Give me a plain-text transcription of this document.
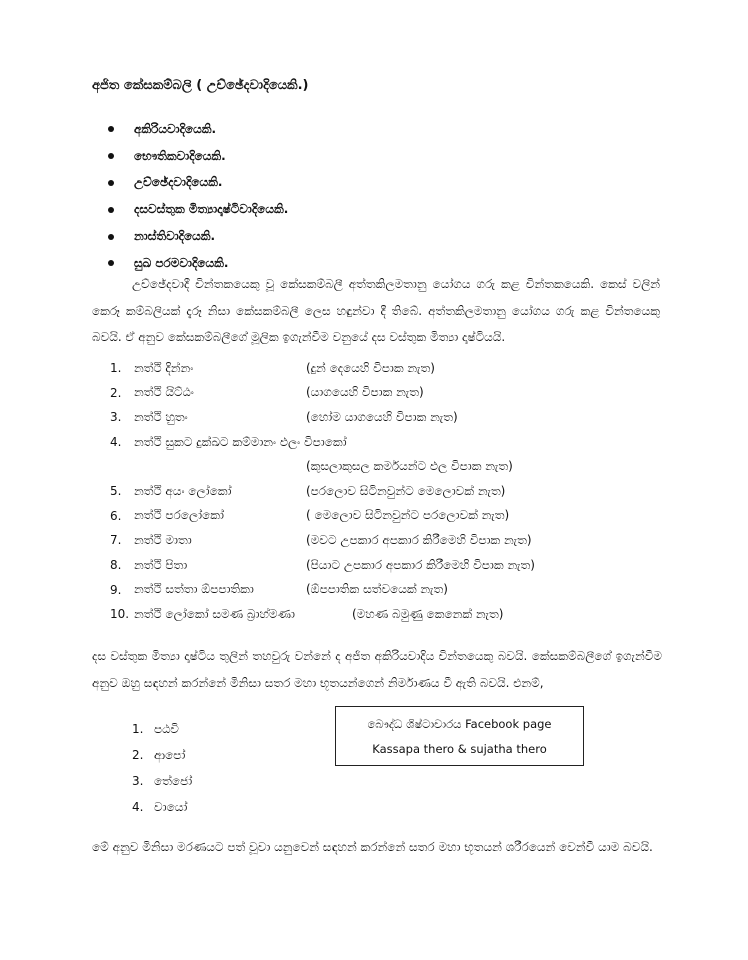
අජිත කේසකම්බලි ( උච්ඡේදවාදියෙකි.)
අකිරියවාදියෙකි.
භෞතිකවාදියෙකි.
උච්ඡේදවාදියෙකි.
දසවස්තුක මිත්‍යාදෘෂ්ටිවාදියෙකි.
නාස්තිවාදියෙකි.
සුඛ පරමවාදියෙකි.

උච්ඡේදවාදී චින්තකයෙකු වූ කේසකම්බලී අත්තකිලමතානු යෝගය ගරු කළ චින්තකයෙකි. කෙස් වලින් කෙරූ කම්බලියක් දැරූ නිසා කේසකම්බලී ලෙස හඳුන්වා දී තිබේ. අත්තකිලමතානු යෝගය ගරු කළ චින්තයෙකු බවයි. ඒ අනුව කේසකම්බලීගේ මූලික ඉගැන්වීම වනුයේ දස වස්තුක මිත්‍යා දෘෂ්ටියයි.

1.	නත්ථි දින්නං	(දුන් දෙයෙහි විපාක නැත)
2.	නත්ථි යිට්ඨං	(යාගයෙහි විපාක නැත)
3.	නත්ථි හුතං	(හෝම යාගයෙහි විපාක නැත)
4.	නත්ථි සුකට දුක්ඛට කම්මානං ඵලං විපාකෝ
(කුසලාකුසල කර්මයන්ට ඵල විපාක නැත)
5.	නත්ථි අයං ලෝකෝ	(පරලොව සිටිනවුන්ට මෙලොවක් නැත)
6.	නත්ථි පරලෝකෝ	( මෙලොව සිටිනවුන්ට පරලොවක් නැත)
7.	නත්ථි මාතා	(මවට උපකාර අපකාර කිරීමෙහි විපාක නැත)
8.	නත්ථි පිතා	(පියාට උපකාර අපකාර කිරීමෙහි විපාක නැත)
9.	නත්ථි සත්තා ඕපපාතිකා	(ඕපපාතික සත්වයෙක් නැත)
10. නත්ථි ලෝකෝ සමණ බ්‍රාහ්මණා	(මහණ බමුණු කෙනෙක් නැත)

දස වස්තුක මිත්‍යා දෘෂ්ටිය තුලින් තහවුරු වන්නේ ද අජිත අකිරියවාදිය චින්තයෙකු බවයි. කේසකම්බලීගේ ඉගැන්වීම අනුව ඔහු සඳහන් කරන්නේ මිනිසා සතර මහා භූතයන්ගෙන් නිර්මාණය වී ඇති බවයි. එනම්,

1. පඨවි
2. ආපෝ
3. තේජෝ
4. වායෝ
බෞද්ධ ශිෂ්ටාචාරය Facebook page
Kassapa thero & sujatha thero

මේ අනුව මිනිසා මරණයට පත් වූවා යනුවෙන් සඳහන් කරන්නේ සතර මහා භූතයන් ශරීරයෙන් වෙන්වී යාම බවයි.
